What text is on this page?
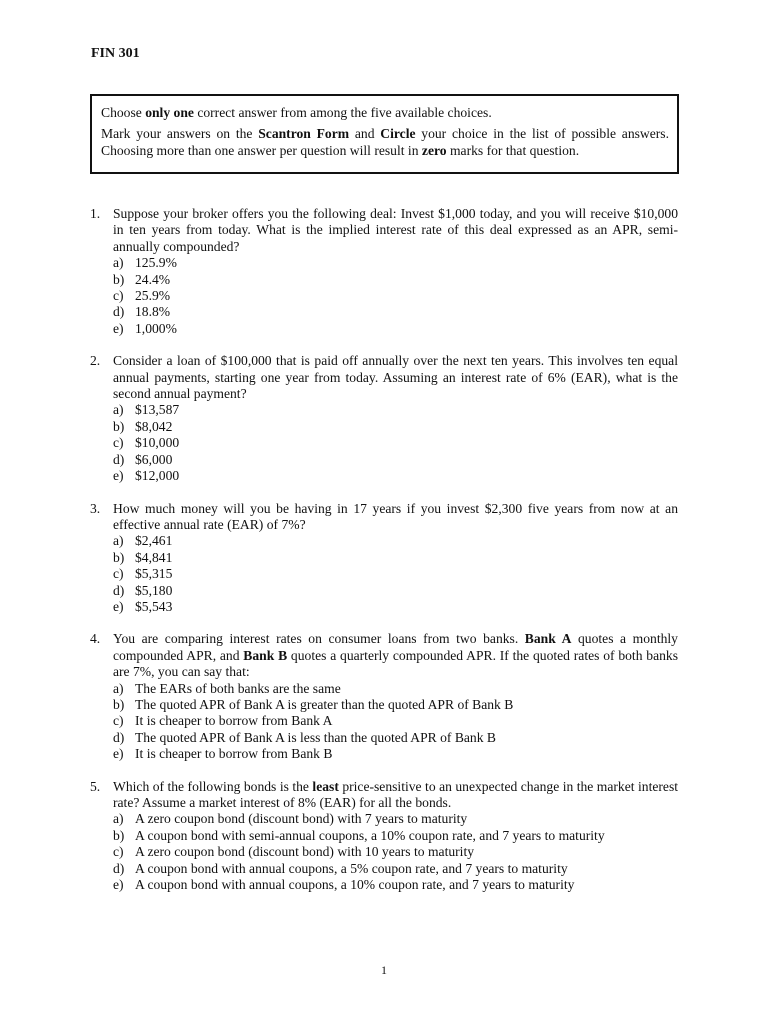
FIN 301

Choose only one correct answer from among the five available choices.

Mark your answers on the Scantron Form and Circle your choice in the list of possible answers. Choosing more than one answer per question will result in zero marks for that question.

1. Suppose your broker offers you the following deal: Invest $1,000 today, and you will receive $10,000 in ten years from today. What is the implied interest rate of this deal expressed as an APR, semi-annually compounded?
a) 125.9%
b) 24.4%
c) 25.9%
d) 18.8%
e) 1,000%
2. Consider a loan of $100,000 that is paid off annually over the next ten years. This involves ten equal annual payments, starting one year from today. Assuming an interest rate of 6% (EAR), what is the second annual payment?
a) $13,587
b) $8,042
c) $10,000
d) $6,000
e) $12,000
3. How much money will you be having in 17 years if you invest $2,300 five years from now at an effective annual rate (EAR) of 7%?
a) $2,461
b) $4,841
c) $5,315
d) $5,180
e) $5,543
4. You are comparing interest rates on consumer loans from two banks. Bank A quotes a monthly compounded APR, and Bank B quotes a quarterly compounded APR. If the quoted rates of both banks are 7%, you can say that:
a) The EARs of both banks are the same
b) The quoted APR of Bank A is greater than the quoted APR of Bank B
c) It is cheaper to borrow from Bank A
d) The quoted APR of Bank A is less than the quoted APR of Bank B
e) It is cheaper to borrow from Bank B
5. Which of the following bonds is the least price-sensitive to an unexpected change in the market interest rate? Assume a market interest of 8% (EAR) for all the bonds.
a) A zero coupon bond (discount bond) with 7 years to maturity
b) A coupon bond with semi-annual coupons, a 10% coupon rate, and 7 years to maturity
c) A zero coupon bond (discount bond) with 10 years to maturity
d) A coupon bond with annual coupons, a 5% coupon rate, and 7 years to maturity
e) A coupon bond with annual coupons, a 10% coupon rate, and 7 years to maturity
1
